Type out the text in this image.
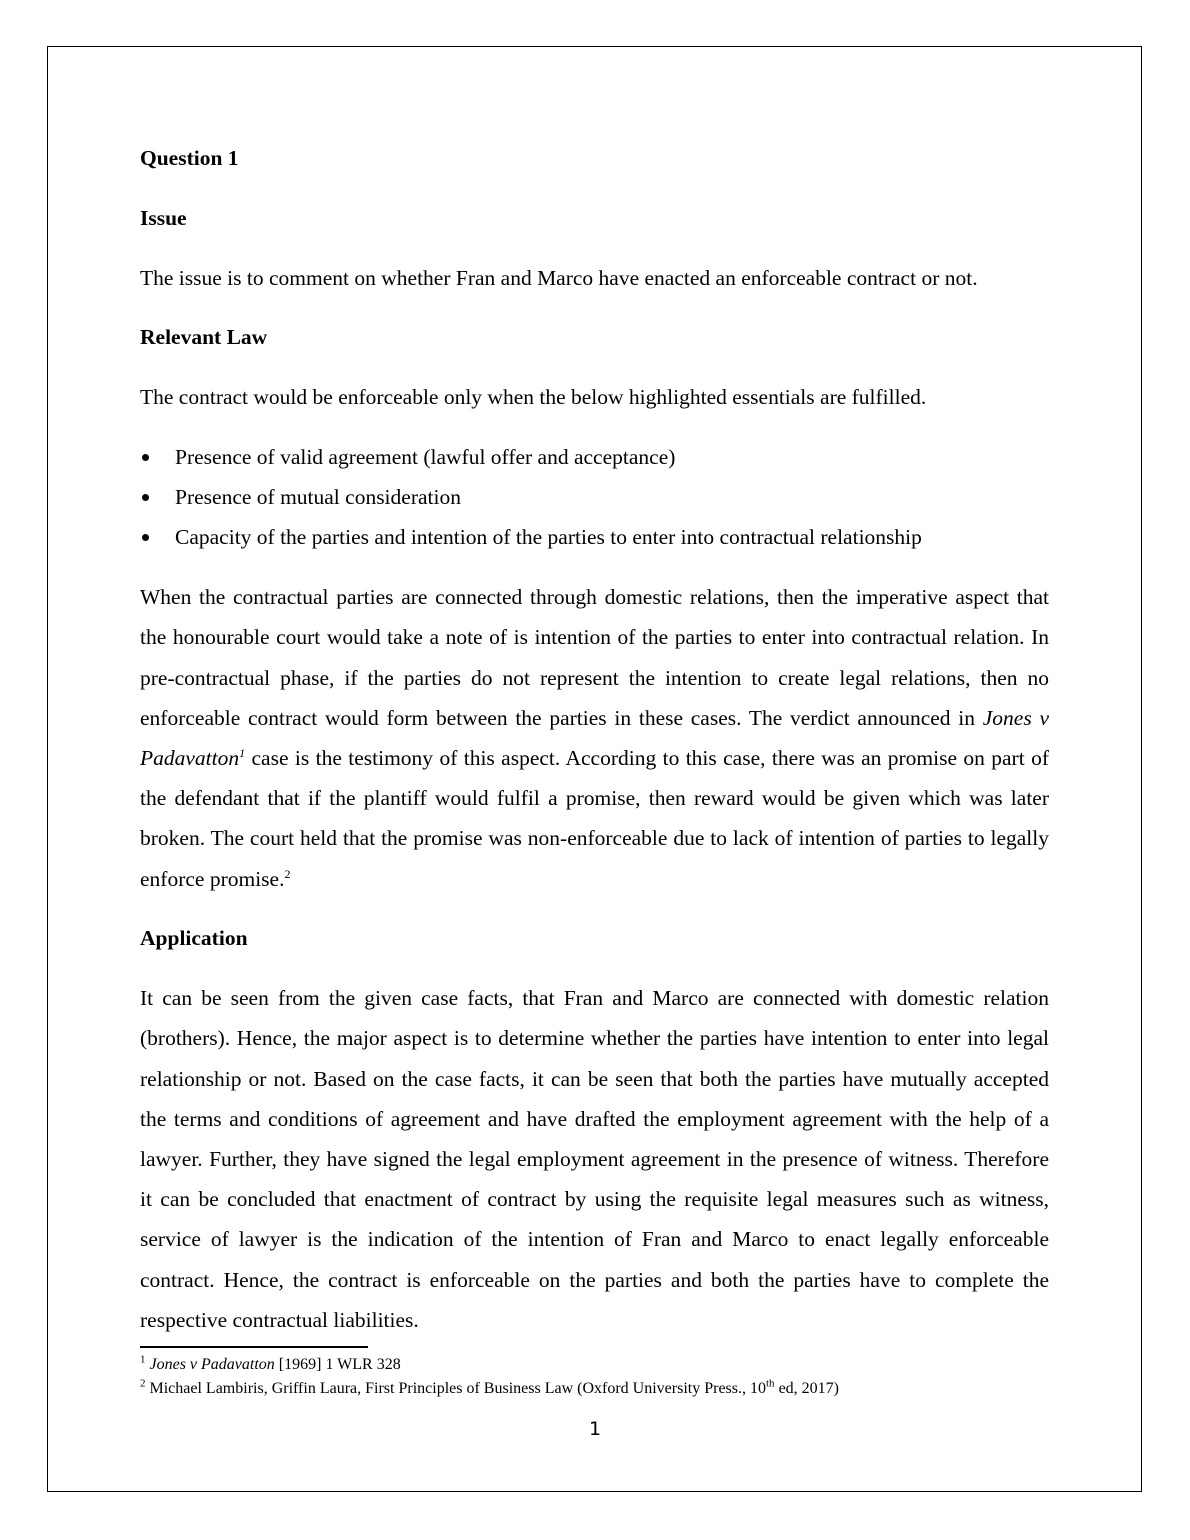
Question 1
Issue
The issue is to comment on whether Fran and Marco have enacted an enforceable contract or not.
Relevant Law
The contract would be enforceable only when the below highlighted essentials are fulfilled.
Presence of valid agreement (lawful offer and acceptance)
Presence of mutual consideration
Capacity of the parties and intention of the parties to enter into contractual relationship
When the contractual parties are connected through domestic relations, then the imperative aspect that the honourable court would take a note of is intention of the parties to enter into contractual relation. In pre-contractual phase, if the parties do not represent the intention to create legal relations, then no enforceable contract would form between the parties in these cases. The verdict announced in Jones v Padavatton$^1$ case is the testimony of this aspect. According to this case, there was an promise on part of the defendant that if the plantiff would fulfil a promise, then reward would be given which was later broken. The court held that the promise was non-enforceable due to lack of intention of parties to legally enforce promise.$^2$
Application
It can be seen from the given case facts, that Fran and Marco are connected with domestic relation (brothers). Hence, the major aspect is to determine whether the parties have intention to enter into legal relationship or not. Based on the case facts, it can be seen that both the parties have mutually accepted the terms and conditions of agreement and have drafted the employment agreement with the help of a lawyer. Further, they have signed the legal employment agreement in the presence of witness. Therefore it can be concluded that enactment of contract by using the requisite legal measures such as witness, service of lawyer is the indication of the intention of Fran and Marco to enact legally enforceable contract. Hence, the contract is enforceable on the parties and both the parties have to complete the respective contractual liabilities.
$^1$ Jones v Padavatton [1969] 1 WLR 328
$^2$ Michael Lambiris, Griffin Laura, First Principles of Business Law (Oxford University Press., 10th ed, 2017)
1
